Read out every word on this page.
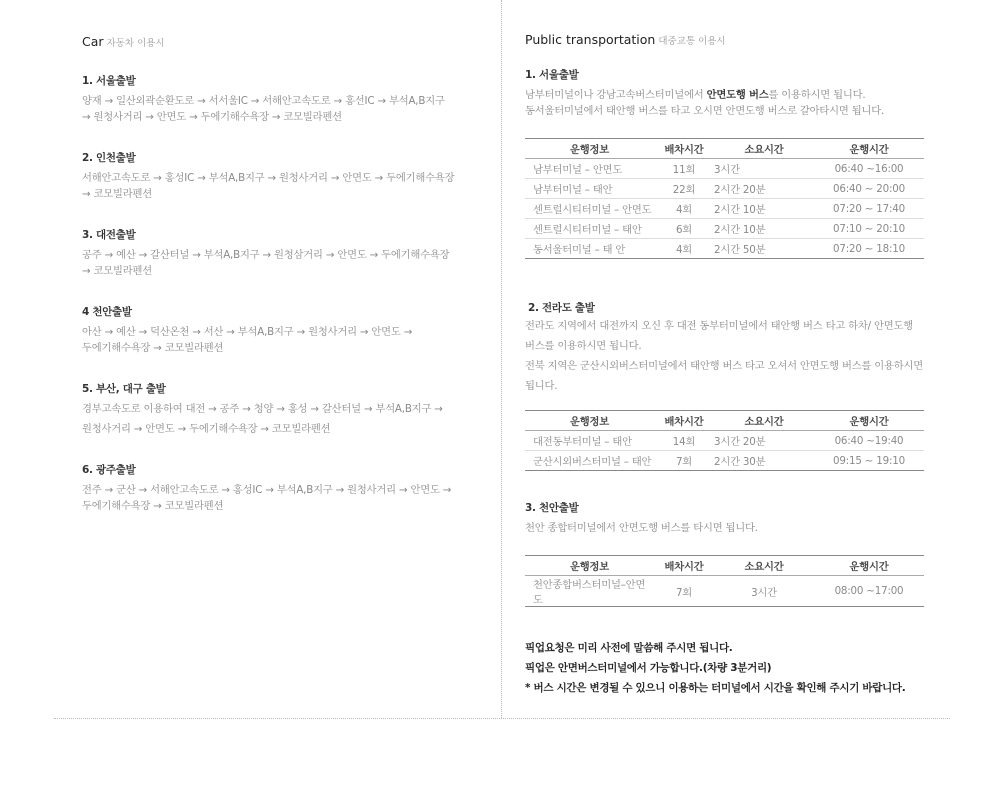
Car 자동차 이용시
1. 서울출발
양재 → 일산외곽순환도로 → 서서울IC → 서해안고속도로 → 홍선IC → 부석A,B지구
→ 원청사거리 → 안면도 → 두에기해수욕장 → 코모빌라펜션
2. 인천출발
서해안고속도로 → 홍성IC → 부석A,B지구 → 원청사거리 → 안면도 → 두에기해수욕장
→ 코모빌라펜션
3. 대전출발
공주 → 예산 → 갈산터널 → 부석A,B지구 → 원청삼거리 → 안면도 → 두에기해수욕장
→ 코모빌라펜션
4 천안출발
아산 → 예산 → 덕산온천 → 서산 → 부석A,B지구 → 원청사거리 → 안면도 →
두에기해수욕장 → 코모빌라펜션
5. 부산, 대구 출발
경부고속도로 이용하여 대전 → 공주 → 청양 → 홍성 → 갈산터널 → 부석A,B지구 →
원청사거리 → 안면도 → 두에기해수욕장 → 코모빌라펜션
6. 광주출발
전주 → 군산 → 서해안고속도로 → 홍성IC → 부석A,B지구 → 원청사거리 → 안면도 →
두에기해수욕장 → 코모빌라펜션
Public transportation 대중교통 이용시
1. 서울출발
남부터미널이나 강남고속버스터미널에서 안면도행 버스를 이용하시면 됩니다.
동서울터미널에서 태안행 버스를 타고 오시면 안면도행 버스로 갈아타시면 됩니다.
운행정보	배차시간	소요시간	운행시간
남부터미널 – 안면도	11회	3시간	06:40 ~16:00
남부터미널 – 태안	22회	2시간 20분	06:40 ~ 20:00
센트럴시티터미널 – 안면도	4회	2시간 10분	07:20 ~ 17:40
센트럴시티터미널 – 태안	6회	2시간 10분	07:10 ~ 20:10
동서울터미널 – 태 안	4회	2시간 50분	07:20 ~ 18:10
2. 전라도 출발
전라도 지역에서 대전까지 오신 후 대전 동부터미널에서 태안행 버스 타고 하차/ 안면도행
버스를 이용하시면 됩니다.
전북 지역은 군산시외버스터미널에서 태안행 버스 타고 오셔서 안면도행 버스를 이용하시면
됩니다.
운행정보	배차시간	소요시간	운행시간
대전동부터미널 – 태안	14회	3시간 20분	06:40 ~19:40
군산시외버스터미널 – 태안	7회	2시간 30분	09:15 ~ 19:10
3. 천안출발
천안 종합터미널에서 안면도행 버스를 타시면 됩니다.
운행정보	배차시간	소요시간	운행시간
천안종합버스터미널–안면도	7회	3시간	08:00 ~17:00
픽업요청은 미리 사전에 말씀해 주시면 됩니다.
픽업은 안면버스터미널에서 가능합니다.(차량 3분거리)
* 버스 시간은 변경될 수 있으니 이용하는 터미널에서 시간을 확인해 주시기 바랍니다.
